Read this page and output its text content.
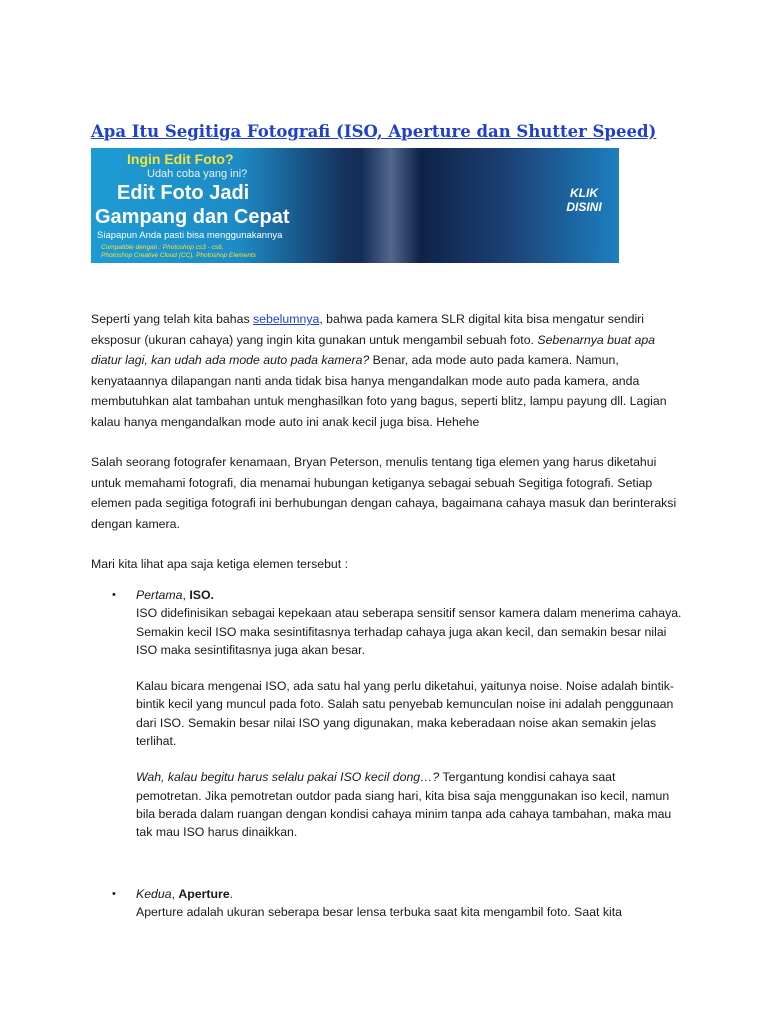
Apa Itu Segitiga Fotografi (ISO, Aperture dan Shutter Speed)
Ingin Edit Foto?
Udah coba yang ini?
Edit Foto Jadi
Gampang dan Cepat
Siapapun Anda pasti bisa menggunakannya
Compatible dengan : Photoshop cs3 - cs6,
Photoshop Creative Cloud (CC), Photoshop Elements
KLIK
DISINI

Seperti yang telah kita bahas sebelumnya, bahwa pada kamera SLR digital kita bisa mengatur sendiri eksposur (ukuran cahaya) yang ingin kita gunakan untuk mengambil sebuah foto. Sebenarnya buat apa diatur lagi, kan udah ada mode auto pada kamera? Benar, ada mode auto pada kamera. Namun, kenyataannya dilapangan nanti anda tidak bisa hanya mengandalkan mode auto pada kamera, anda membutuhkan alat tambahan untuk menghasilkan foto yang bagus, seperti blitz, lampu payung dll. Lagian kalau hanya mengandalkan mode auto ini anak kecil juga bisa. Hehehe

Salah seorang fotografer kenamaan, Bryan Peterson, menulis tentang tiga elemen yang harus diketahui untuk memahami fotografi, dia menamai hubungan ketiganya sebagai sebuah Segitiga fotografi. Setiap elemen pada segitiga fotografi ini berhubungan dengan cahaya, bagaimana cahaya masuk dan berinteraksi dengan kamera.

Mari kita lihat apa saja ketiga elemen tersebut :

• Pertama, ISO.

ISO didefinisikan sebagai kepekaan atau seberapa sensitif sensor kamera dalam menerima cahaya. Semakin kecil ISO maka sesintifitasnya terhadap cahaya juga akan kecil, dan semakin besar nilai ISO maka sesintifitasnya juga akan besar.

Kalau bicara mengenai ISO, ada satu hal yang perlu diketahui, yaitunya noise. Noise adalah bintik-bintik kecil yang muncul pada foto. Salah satu penyebab kemunculan noise ini adalah penggunaan dari ISO. Semakin besar nilai ISO yang digunakan, maka keberadaan noise akan semakin jelas terlihat.

Wah, kalau begitu harus selalu pakai ISO kecil dong…? Tergantung kondisi cahaya saat pemotretan. Jika pemotretan outdor pada siang hari, kita bisa saja menggunakan iso kecil, namun bila berada dalam ruangan dengan kondisi cahaya minim tanpa ada cahaya tambahan, maka mau tak mau ISO harus dinaikkan.

• Kedua, Aperture.

Aperture adalah ukuran seberapa besar lensa terbuka saat kita mengambil foto. Saat kita
